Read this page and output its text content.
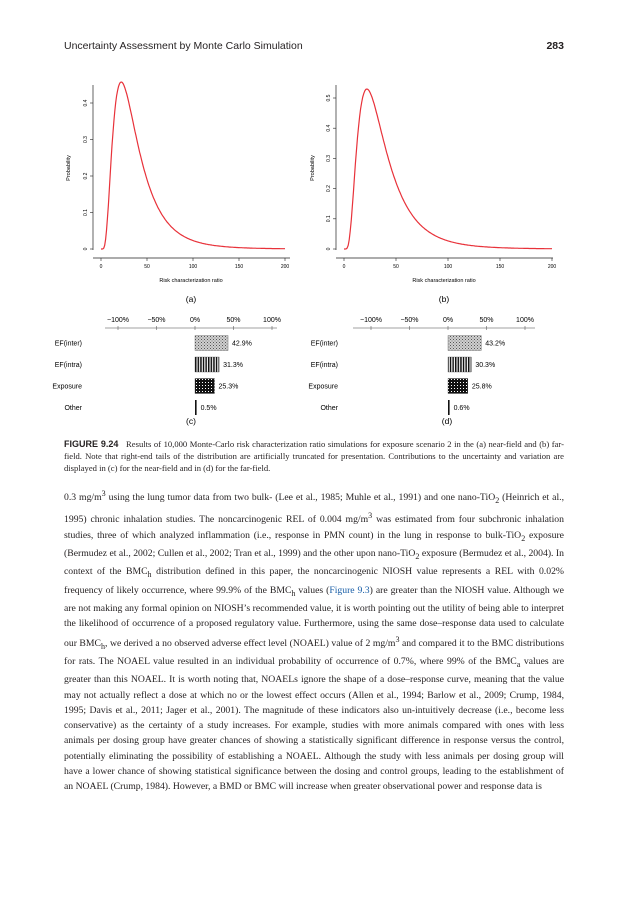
Uncertainty Assessment by Monte Carlo Simulation	283
0
0.1
0.2
0.3
0.4
0	50	100	150	200
Probability
Risk characterization ratio
(a)
0
0.1
0.2
0.3
0.4
0.5
0	50	100	150	200
Probability
Risk characterization ratio
(b)
−100%	−50%	0%	50%	100%
EF(inter)	42.9%
EF(intra)	31.3%
Exposure	25.3%
Other	0.5%
(c)
−100%	−50%	0%	50%	100%
EF(inter)	43.2%
EF(intra)	30.3%
Exposure	25.8%
Other	0.6%
(d)
FIGURE 9.24 Results of 10,000 Monte-Carlo risk characterization ratio simulations for exposure scenario 2 in the (a) near-field and (b) far-field. Note that right-end tails of the distribution are artificially truncated for presentation. Contributions to the uncertainty and variation are displayed in (c) for the near-field and in (d) for the far-field.

0.3 $mg/m^3$ using the lung tumor data from two bulk- (Lee et al., 1985; Muhle et al., 1991) and one nano-TiO$_2$ (Heinrich et al., 1995) chronic inhalation studies. The noncarcinogenic REL of 0.004 $mg/m^3$ was estimated from four subchronic inhalation studies, three of which analyzed inflammation (i.e., response in PMN count) in the lung in response to bulk-TiO$_2$ exposure (Bermudez et al., 2002; Cullen et al., 2002; Tran et al., 1999) and the other upon nano-TiO$_2$ exposure (Bermudez et al., 2004). In context of the $BMC_h$ distribution defined in this paper, the noncarcinogenic NIOSH value represents a REL with 0.02% frequency of likely occurrence, where 99.9% of the $BMC_h$ values (Figure 9.3) are greater than the NIOSH value. Although we are not making any formal opinion on NIOSH’s recommended value, it is worth pointing out the utility of being able to interpret the likelihood of occurrence of a proposed regulatory value. Furthermore, using the same dose–response data used to calculate our $BMC_h$, we derived a no observed adverse effect level (NOAEL) value of 2 $mg/m^3$ and compared it to the BMC distributions for rats. The NOAEL value resulted in an individual probability of occurrence of 0.7%, where 99% of the $BMC_a$ values are greater than this NOAEL. It is worth noting that, NOAELs ignore the shape of a dose–response curve, meaning that the value may not actually reflect a dose at which no or the lowest effect occurs (Allen et al., 1994; Barlow et al., 2009; Crump, 1984, 1995; Davis et al., 2011; Jager et al., 2001). The magnitude of these indicators also un-intuitively decrease (i.e., become less conservative) as the certainty of a study increases. For example, studies with more animals compared with ones with less animals per dosing group have greater chances of showing a statistically significant difference in response versus the control, potentially eliminating the possibility of establishing a NOAEL. Although the study with less animals per dosing group will have a lower chance of showing statistical significance between the dosing and control groups, leading to the establishment of an NOAEL (Crump, 1984). However, a BMD or BMC will increase when greater observational power and response data is
